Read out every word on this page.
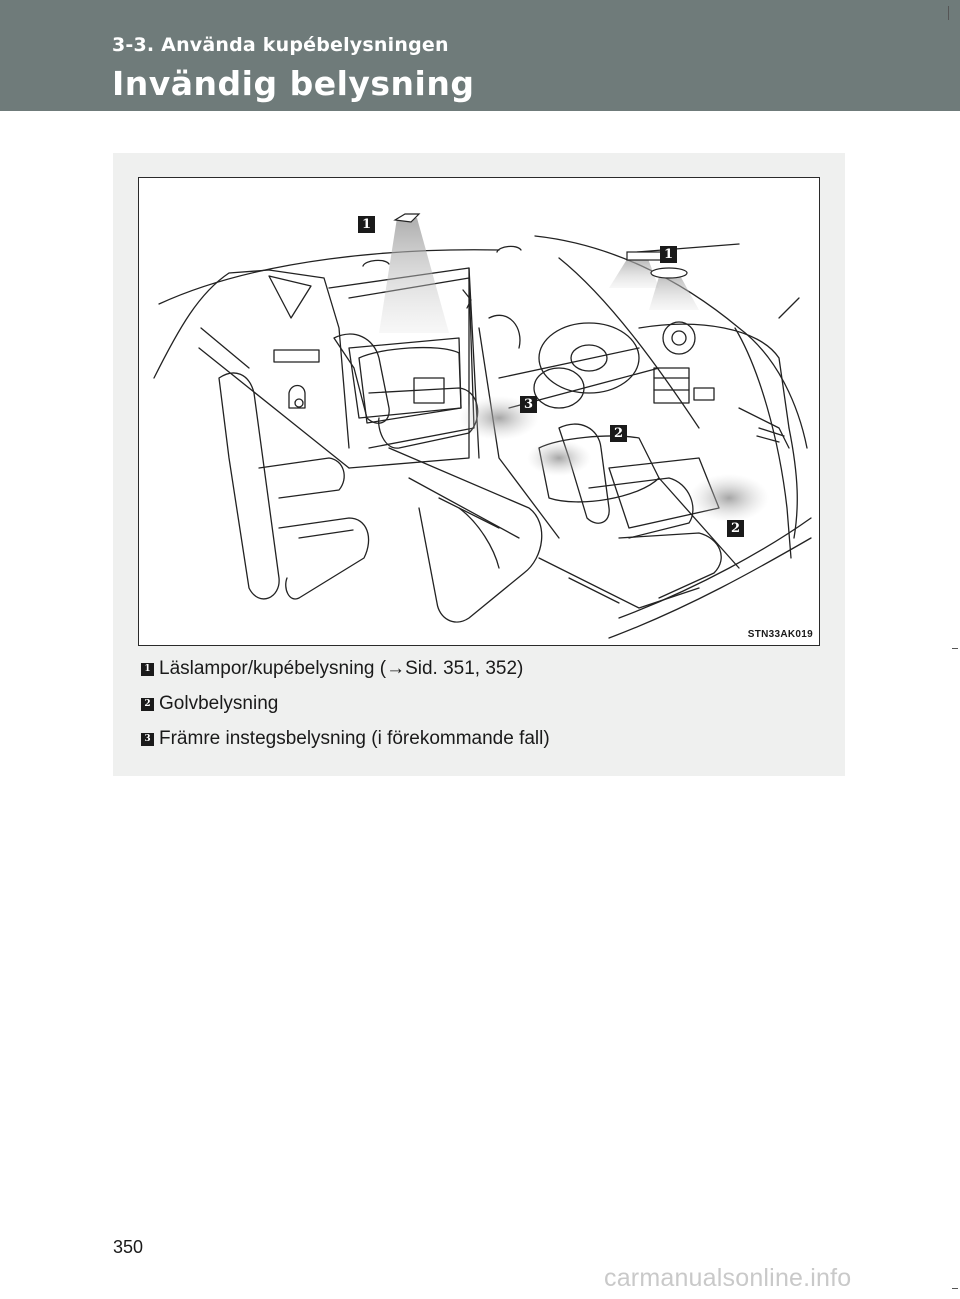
3-3. Använda kupébelysningen
Invändig belysning
1
1
3
2
2
STN33AK019
1 Läslampor/kupébelysning (→Sid. 351, 352)
2 Golvbelysning
3 Främre instegsbelysning (i förekommande fall)
350
carmanualsonline.info
